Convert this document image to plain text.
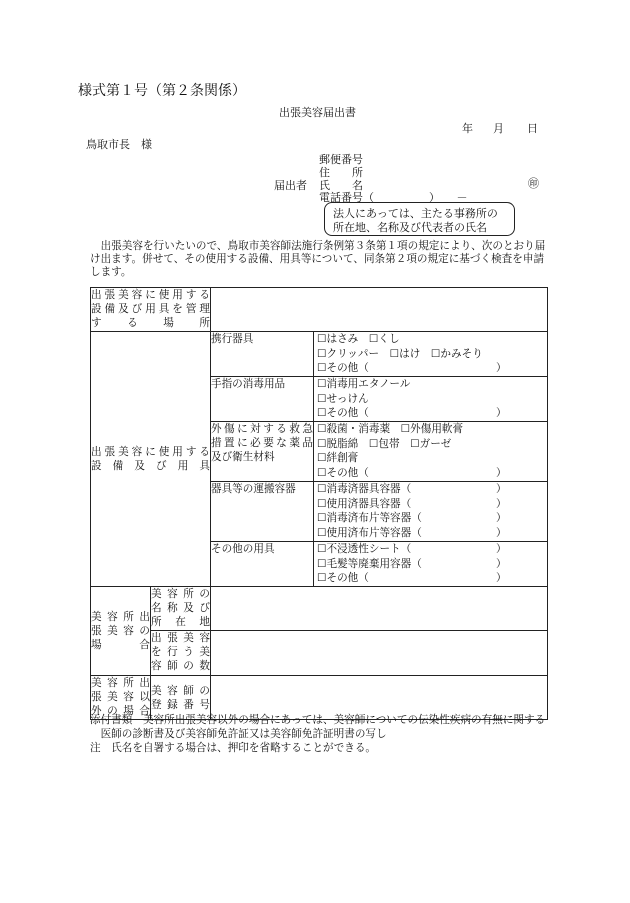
様式第１号（第２条関係）
出張美容届出書
年 月 日
鳥取市長　様
郵便番号
住　　所
届出者 氏　　名	㊞
電話番号（　　　　　）　　－
法人にあっては、主たる事務所の
所在地、名称及び代表者の氏名
　出張美容を行いたいので、鳥取市美容師法施行条例第３条第１項の規定により、次のとおり届
け出ます。併せて、その使用する設備、用具等について、同条第２項の規定に基づく検査を申請
します。
出張美容に使用する
設備及び用具を管理
す　る　場　所			

出張美容に使用する
設 備 及 び 用 具		携行器具	☐はさみ　☐くし
☐クリッパー　☐はけ　☐かみそり
☐その他（　　　　　　　　　　　　）

		手指の消毒用品	☐消毒用エタノール
☐せっけん
☐その他（　　　　　　　　　　　　）

		外傷に対する救急
措置に必要な薬品
及び衛生材料	☐殺菌・消毒薬　☐外傷用軟膏
☐脱脂綿　☐包帯　☐ガーゼ
☐絆創膏
☐その他（　　　　　　　　　　　　）

		器具等の運搬容器	☐消毒済器具容器（　　　　　　　　）
☐使用済器具容器（　　　　　　　　）
☐消毒済布片等容器（　　　　　　　）
☐使用済布片等容器（　　　　　　　）

		その他の用具	☐不浸透性シート（　　　　　　　　）
☐毛髪等廃棄用容器（　　　　　　　）
☐その他（　　　　　　　　　　　　）

美容所出
張美容の
場　　合	美容所の
名称及び
所 在 地		

	出張美容
を行う美
容師の数		

美容所出
張美容以
外の場合	美容師の
登録番号		

添付書類　美容所出張美容以外の場合にあっては、美容師についての伝染性疾病の有無に関する
　医師の診断書及び美容師免許証又は美容師免許証明書の写し
注　氏名を自署する場合は、押印を省略することができる。
